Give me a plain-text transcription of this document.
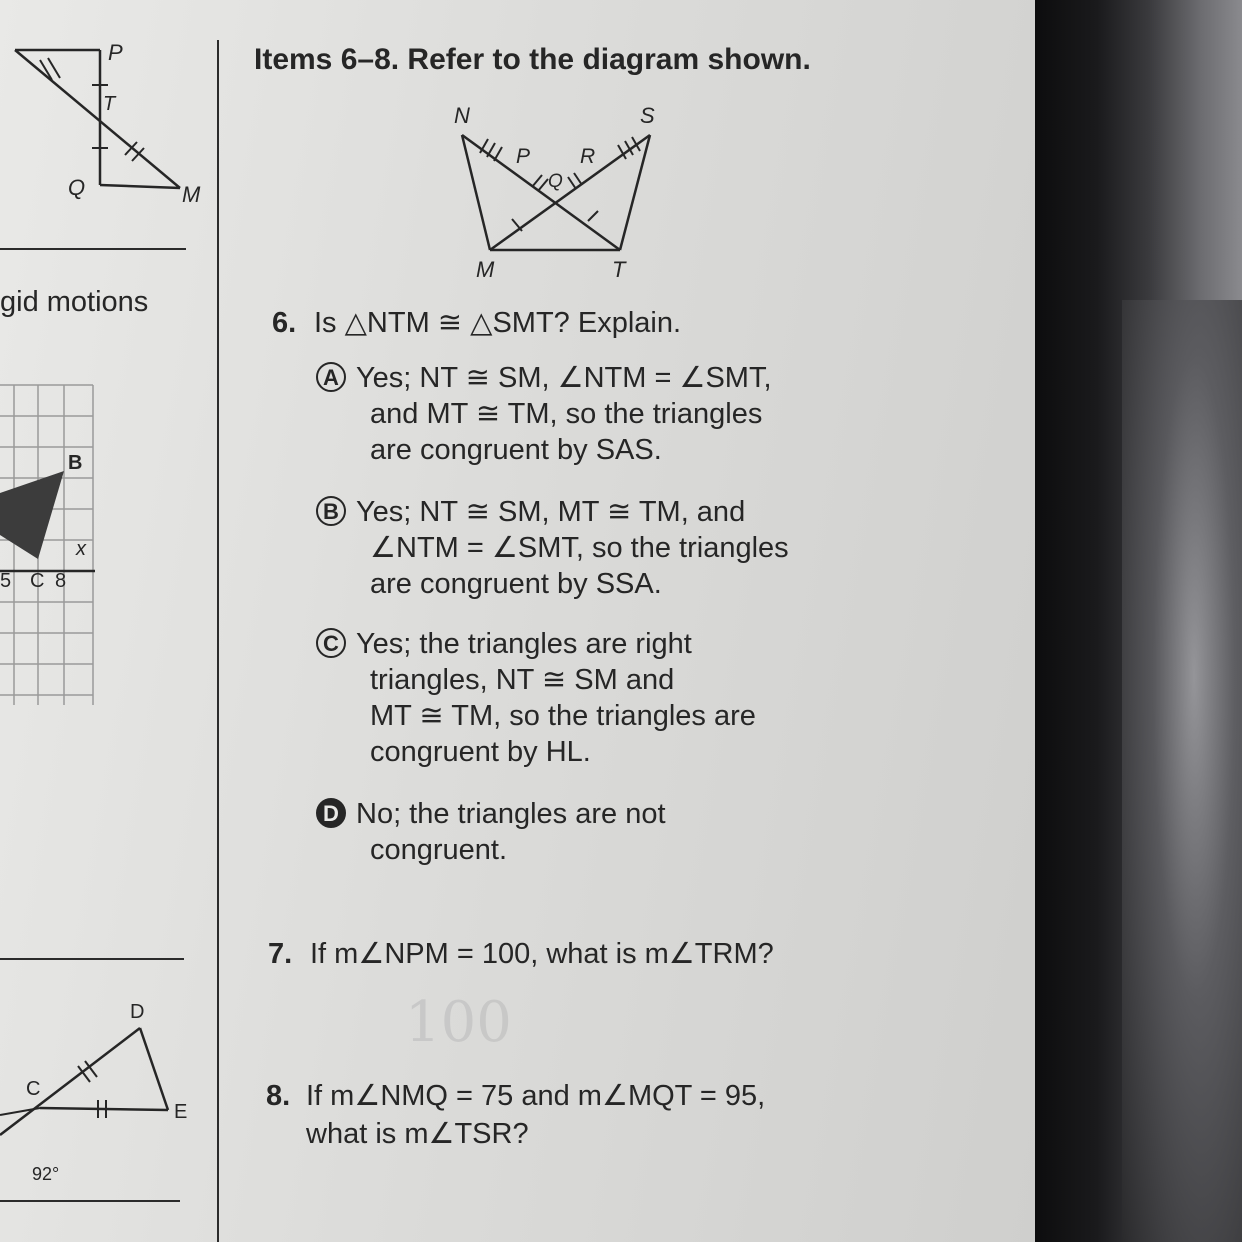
P
T
Q	M
gid motions
B
x
5 C 8
D
C
E
92°
Items 6–8. Refer to the diagram shown.
N	S
P R
Q
M	T
6. Is △NTM ≅ △SMT? Explain.
A Yes; NT ≅ SM, ∠NTM = ∠SMT,
and MT ≅ TM, so the triangles
are congruent by SAS.
B Yes; NT ≅ SM, MT ≅ TM, and
∠NTM = ∠SMT, so the triangles
are congruent by SSA.
C Yes; the triangles are right
triangles, NT ≅ SM and
MT ≅ TM, so the triangles are
congruent by HL.
D No; the triangles are not
congruent.
7. If m∠NPM = 100, what is m∠TRM?
100
8. If m∠NMQ = 75 and m∠MQT = 95,
what is m∠TSR?
